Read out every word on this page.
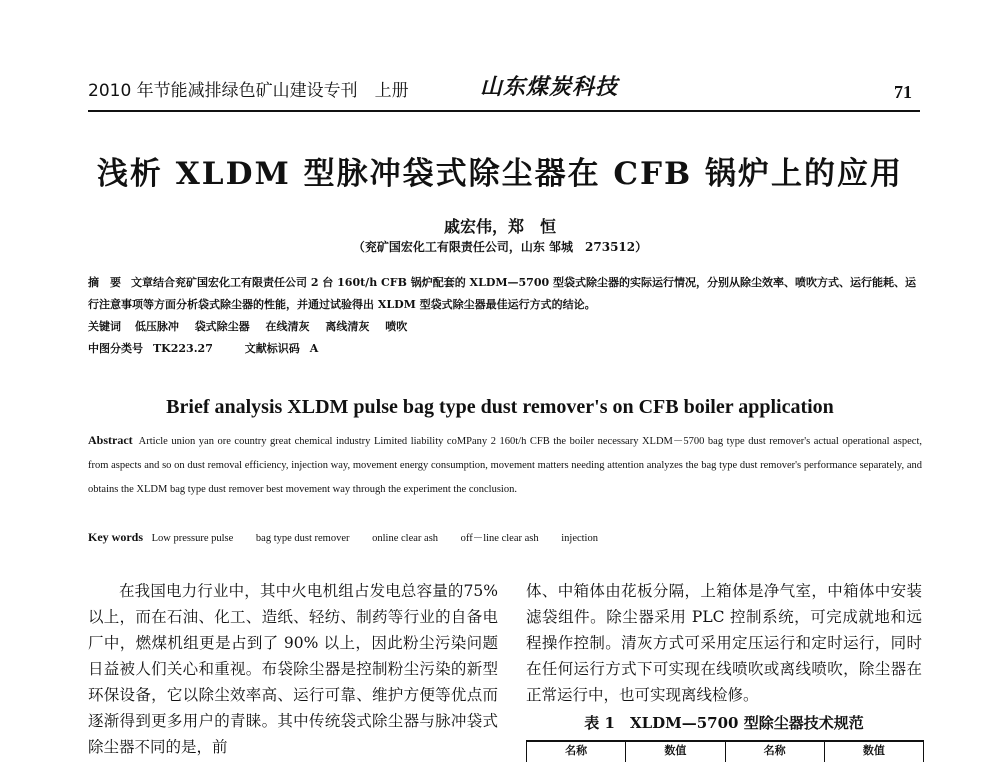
2010 年节能减排绿色矿山建设专刊　上册	山东煤炭科技	71
浅析 XLDM 型脉冲袋式除尘器在 CFB 锅炉上的应用
戚宏伟，郑　恒
（兖矿国宏化工有限责任公司，山东 邹城　273512）
摘　要 文章结合兖矿国宏化工有限责任公司 2 台 160t/h CFB 锅炉配套的 XLDM—5700 型袋式除尘器的实际运行情况，分别从除尘效率、喷吹方式、运行能耗、运行注意事项等方面分析袋式除尘器的性能，并通过试验得出 XLDM 型袋式除尘器最佳运行方式的结论。
关键词 低压脉冲 袋式除尘器 在线清灰 离线清灰 喷吹
中图分类号 TK223.27	文献标识码 A
Brief analysis XLDM pulse bag type dust remover's on CFB boiler application
Abstract Article union yan ore country great chemical industry Limited liability coMPany 2 160t/h CFB the boiler necessary XLDM－5700 bag type dust remover's actual operational aspect, from aspects and so on dust removal efficiency, injection way, movement energy consumption, movement matters needing attention analyzes the bag type dust remover's performance separately, and obtains the XLDM bag type dust remover best movement way through the experiment the conclusion.
Key words Low pressure pulse bag type dust remover online clear ash off－line clear ash injection
在我国电力行业中，其中火电机组占发电总容量的75%以上，而在石油、化工、造纸、轻纺、制药等行业的自备电厂中，燃煤机组更是占到了 90% 以上，因此粉尘污染问题日益被人们关心和重视。布袋除尘器是控制粉尘污染的新型环保设备，它以除尘效率高、运行可靠、维护方便等优点而逐渐得到更多用户的青睐。其中传统袋式除尘器与脉冲袋式除尘器不同的是，前
体、中箱体由花板分隔，上箱体是净气室，中箱体中安装滤袋组件。除尘器采用 PLC 控制系统，可完成就地和远程操作控制。清灰方式可采用定压运行和定时运行，同时在任何运行方式下可实现在线喷吹或离线喷吹，除尘器在正常运行中，也可实现离线检修。
表 1　XLDM—5700 型除尘器技术规范
名称	数值	名称	数值
